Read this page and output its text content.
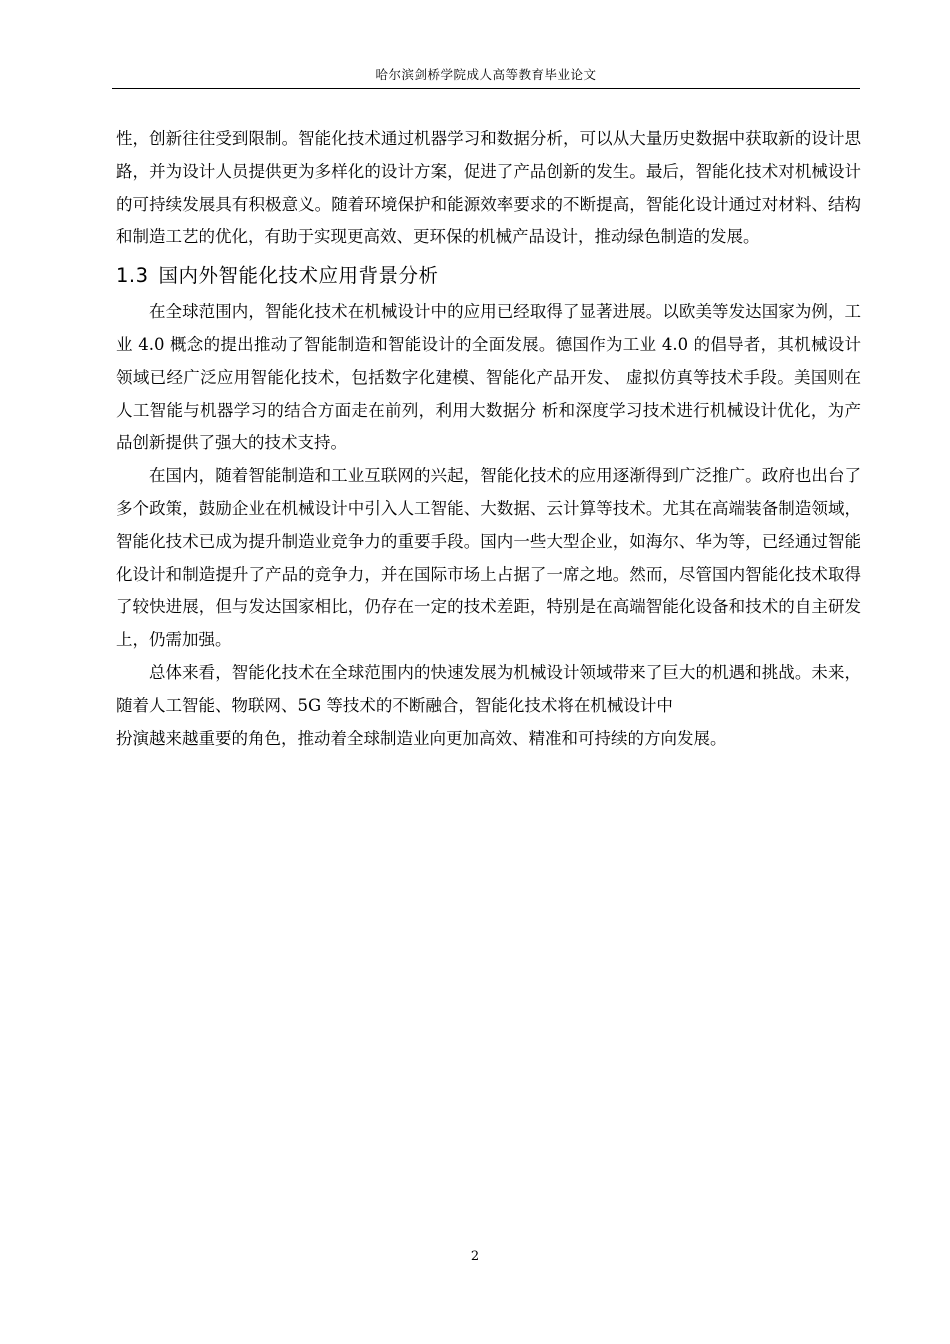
哈尔滨剑桥学院成人高等教育毕业论文

性，创新往往受到限制。智能化技术通过机器学习和数据分析，可以从大量历史数据中获取新的设计思路，并为设计人员提供更为多样化的设计方案，促进了产品创新的发生。最后，智能化技术对机械设计的可持续发展具有积极意义。随着环境保护和能源效率要求的不断提高，智能化设计通过对材料、结构和制造工艺的优化，有助于实现更高效、更环保的机械产品设计，推动绿色制造的发展。

1.3 国内外智能化技术应用背景分析

在全球范围内，智能化技术在机械设计中的应用已经取得了显著进展。以欧美等发达国家为例，工业 4.0 概念的提出推动了智能制造和智能设计的全面发展。德国作为工业 4.0 的倡导者，其机械设计领域已经广泛应用智能化技术，包括数字化建模、智能化产品开发、 虚拟仿真等技术手段。美国则在人工智能与机器学习的结合方面走在前列，利用大数据分 析和深度学习技术进行机械设计优化，为产品创新提供了强大的技术支持。

在国内，随着智能制造和工业互联网的兴起，智能化技术的应用逐渐得到广泛推广。政府也出台了多个政策，鼓励企业在机械设计中引入人工智能、大数据、云计算等技术。尤其在高端装备制造领域，智能化技术已成为提升制造业竞争力的重要手段。国内一些大型企业，如海尔、华为等，已经通过智能化设计和制造提升了产品的竞争力，并在国际市场上占据了一席之地。然而，尽管国内智能化技术取得了较快进展，但与发达国家相比，仍存在一定的技术差距，特别是在高端智能化设备和技术的自主研发上，仍需加强。

总体来看，智能化技术在全球范围内的快速发展为机械设计领域带来了巨大的机遇和挑战。未来，随着人工智能、物联网、5G 等技术的不断融合，智能化技术将在机械设计中

扮演越来越重要的角色，推动着全球制造业向更加高效、精准和可持续的方向发展。

2
